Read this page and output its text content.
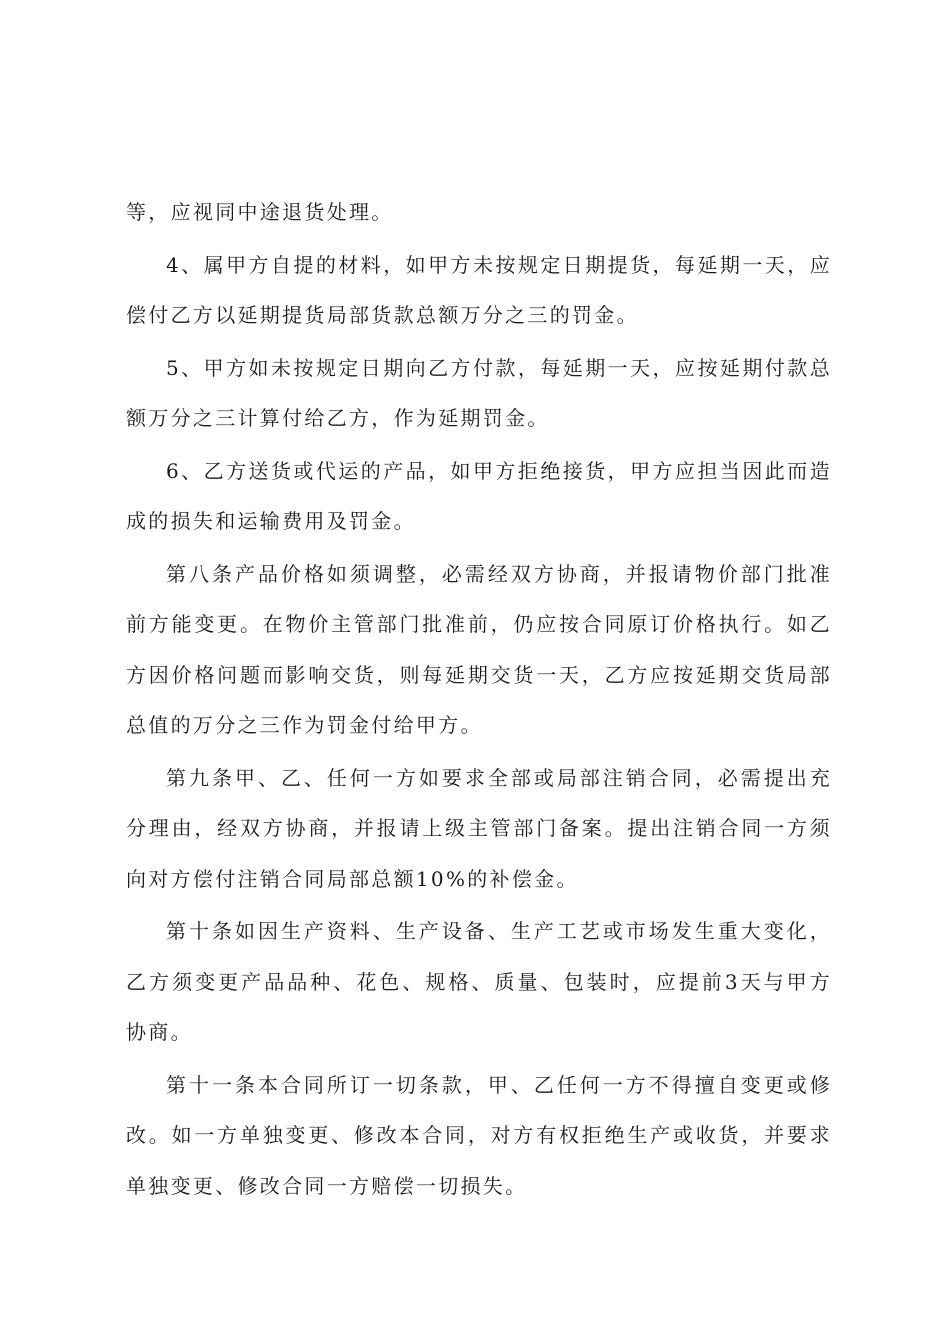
等，应视同中途退货处理。

4、属甲方自提的材料，如甲方未按规定日期提货，每延期一天，应偿付乙方以延期提货局部货款总额万分之三的罚金。

5、甲方如未按规定日期向乙方付款，每延期一天，应按延期付款总额万分之三计算付给乙方，作为延期罚金。

6、乙方送货或代运的产品，如甲方拒绝接货，甲方应担当因此而造成的损失和运输费用及罚金。

第八条产品价格如须调整，必需经双方协商，并报请物价部门批准前方能变更。在物价主管部门批准前，仍应按合同原订价格执行。如乙方因价格问题而影响交货，则每延期交货一天，乙方应按延期交货局部总值的万分之三作为罚金付给甲方。

第九条甲、乙、任何一方如要求全部或局部注销合同，必需提出充分理由，经双方协商，并报请上级主管部门备案。提出注销合同一方须向对方偿付注销合同局部总额10%的补偿金。

第十条如因生产资料、生产设备、生产工艺或市场发生重大变化，乙方须变更产品品种、花色、规格、质量、包装时，应提前3天与甲方协商。

第十一条本合同所订一切条款，甲、乙任何一方不得擅自变更或修改。如一方单独变更、修改本合同，对方有权拒绝生产或收货，并要求单独变更、修改合同一方赔偿一切损失。
